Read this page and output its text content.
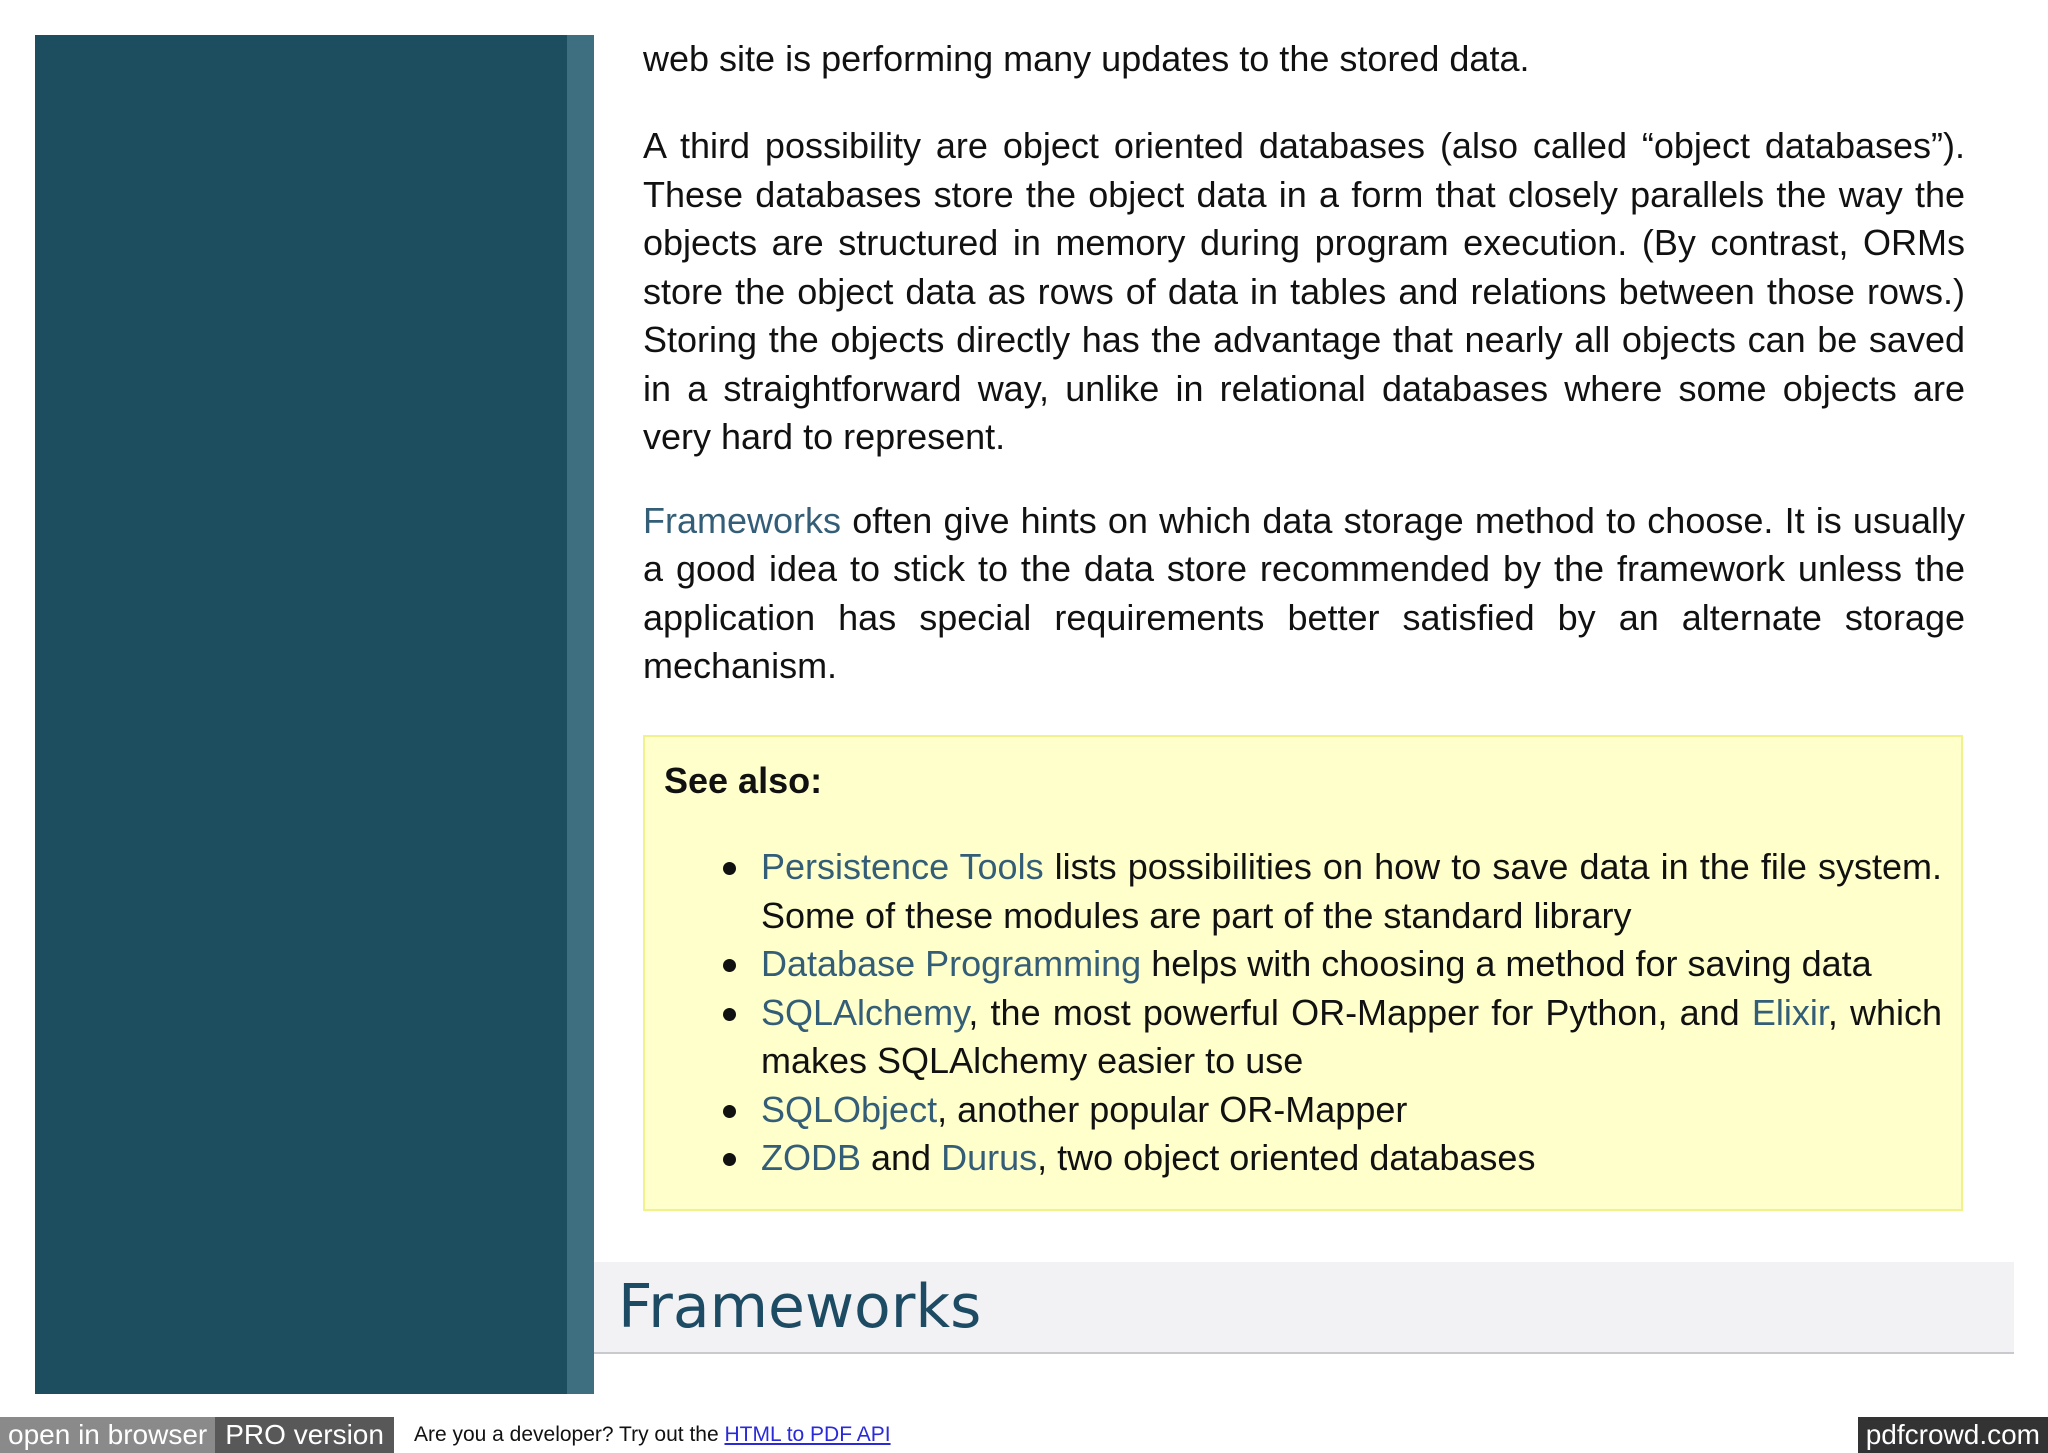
web site is performing many updates to the stored data.

A third possibility are object oriented databases (also called “object databases”). These databases store the object data in a form that closely parallels the way the objects are structured in memory during program execution. (By contrast, ORMs store the object data as rows of data in tables and relations between those rows.) Storing the objects directly has the advantage that nearly all objects can be saved in a straightforward way, unlike in relational databases where some objects are very hard to represent.

Frameworks often give hints on which data storage method to choose. It is usually a good idea to stick to the data store recommended by the framework unless the application has special requirements better satisfied by an alternate storage mechanism.

See also:

Persistence Tools lists possibilities on how to save data in the file system. Some of these modules are part of the standard library
Database Programming helps with choosing a method for saving data
SQLAlchemy, the most powerful OR-Mapper for Python, and Elixir, which makes SQLAlchemy easier to use
SQLObject, another popular OR-Mapper
ZODB and Durus, two object oriented databases
Frameworks
open in browser PRO version	Are you a developer? Try out the HTML to PDF API	pdfcrowd.com
